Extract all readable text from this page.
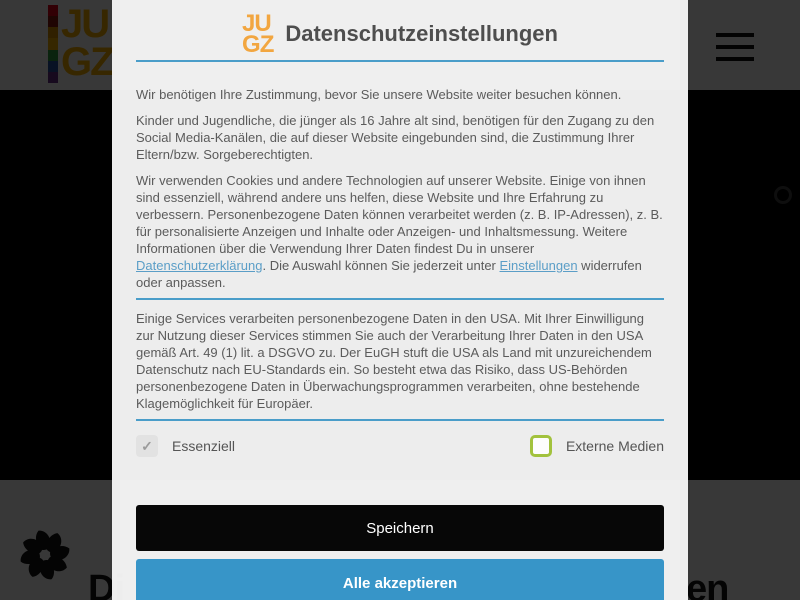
JU
GZ Datenschutzeinstellungen

Wir benötigen Ihre Zustimmung, bevor Sie unsere Website weiter besuchen können.

Kinder und Jugendliche, die jünger als 16 Jahre alt sind, benötigen für den Zugang zu den Social Media-Kanälen, die auf dieser Website eingebunden sind, die Zustimmung Ihrer Eltern/bzw. Sorgeberechtigten.

Wir verwenden Cookies und andere Technologien auf unserer Website. Einige von ihnen sind essenziell, während andere uns helfen, diese Website und Ihre Erfahrung zu verbessern. Personenbezogene Daten können verarbeitet werden (z. B. IP-Adressen), z. B. für personalisierte Anzeigen und Inhalte oder Anzeigen- und Inhaltsmessung. Weitere Informationen über die Verwendung Ihrer Daten findest Du in unserer Datenschutzerklärung. Die Auswahl können Sie jederzeit unter Einstellungen widerrufen oder anpassen.

Einige Services verarbeiten personenbezogene Daten in den USA. Mit Ihrer Einwilligung zur Nutzung dieser Services stimmen Sie auch der Verarbeitung Ihrer Daten in den USA gemäß Art. 49 (1) lit. a DSGVO zu. Der EuGH stuft die USA als Land mit unzureichendem Datenschutz nach EU-Standards ein. So besteht etwa das Risiko, dass US-Behörden personenbezogene Daten in Überwachungsprogrammen verarbeiten, ohne bestehende Klagemöglichkeit für Europäer.

✓ Essenziell	Externe Medien
Speichern
Alle akzeptieren
